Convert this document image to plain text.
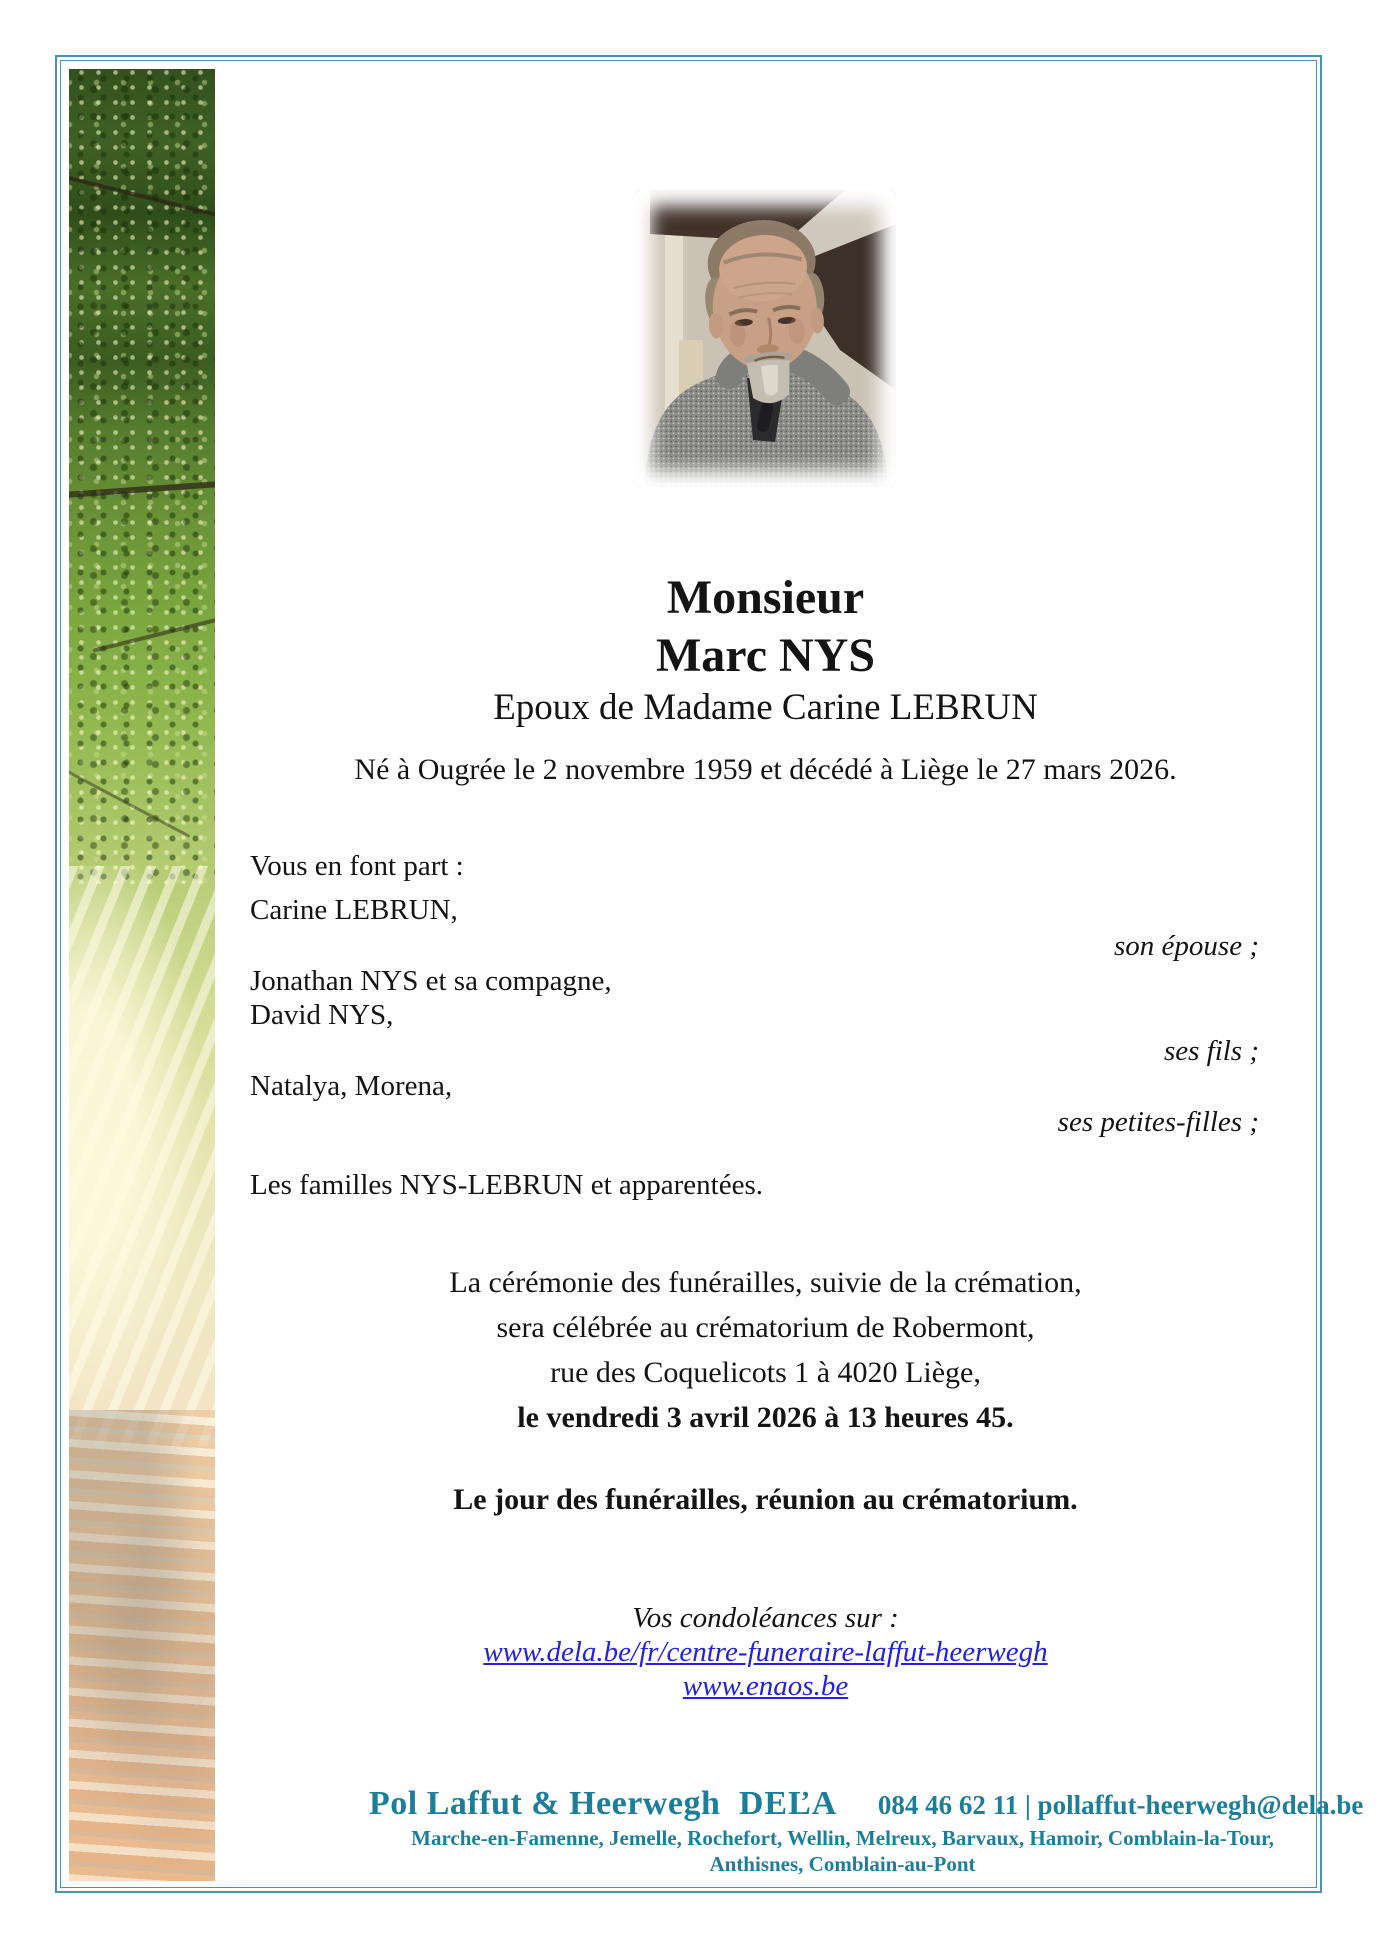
Monsieur
Marc NYS
Epoux de Madame Carine LEBRUN
Né à Ougrée le 2 novembre 1959 et décédé à Liège le 27 mars 2026.

Vous en font part :

Carine LEBRUN,

son épouse ;

Jonathan NYS et sa compagne,

David NYS,

ses fils ;

Natalya, Morena,

ses petites-filles ;

Les familles NYS-LEBRUN et apparentées.

La cérémonie des funérailles, suivie de la crémation,

sera célébrée au crématorium de Robermont,

rue des Coquelicots 1 à 4020 Liège,

le vendredi 3 avril 2026 à 13 heures 45.

Le jour des funérailles, réunion au crématorium.
Vos condoléances sur :
www.dela.be/fr/centre-funeraire-laffut-heerwegh
www.enaos.be
Pol Laffut & Heerwegh DEĽA 084 46 62 11 | pollaffut-heerwegh@dela.be
Marche-en-Famenne, Jemelle, Rochefort, Wellin, Melreux, Barvaux, Hamoir, Comblain-la-Tour, Anthisnes, Comblain-au-Pont
